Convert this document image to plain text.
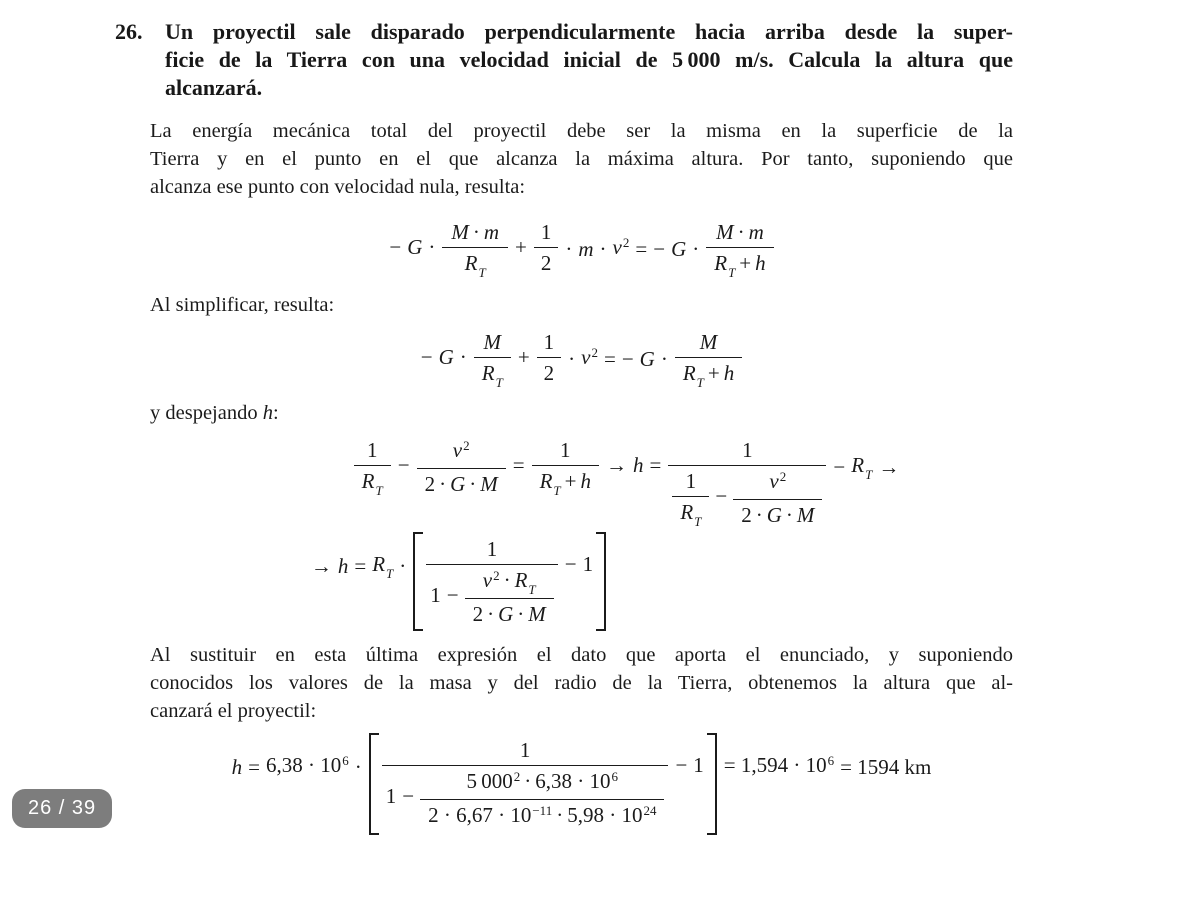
26. Un proyectil sale disparado perpendicularmente hacia arriba desde la super-
ficie de la Tierra con una velocidad inicial de 5 000 m/s. Calcula la altura que
alcanzará.

La energía mecánica total del proyectil debe ser la misma en la superficie de la
Tierra y en el punto en el que alcanza la máxima altura. Por tanto, suponiendo que
alcanza ese punto con velocidad nula, resulta:

− $G \cdot \frac{M \cdot m}{\text{R T}} + \frac{1}{2} \cdot m \cdot v$ 2 = − $G \cdot \frac{M \cdot m}{\text{R T + h}}$

Al simplificar, resulta:

− $G \cdot \frac{M}{\text{R T}} + \frac{1}{2} \cdot v$ 2 = − $G \cdot \frac{M}{\text{R T + h}}$

y despejando h:

$\frac{1}{\text{R T}} - \frac{v 2}{2 \cdot G \cdot M} = \frac{1}{\text{R T + h}} \to h$ =
1
$\frac{1}{\text{R T}} - \frac{v 2}{2 \cdot G \cdot M}$
− R T →
→ h = R T ·
1
$1 - \frac{\text{v 2 · R T}}{2 \cdot G \cdot M}$
− 1

Al sustituir en esta última expresión el dato que aporta el enunciado, y suponiendo
conocidos los valores de la masa y del radio de la Tierra, obtenemos la altura que al-
canzará el proyectil:

h = 6,38 · 10 6 ·
1
$1 - \frac{5 000 2 \cdot 6,38 \cdot 10 6}{2 \cdot 6,67 \cdot 10 -11 \cdot 5,98 \cdot 10 24}$
− 1 = 1,594 · 10 6 = 1594 km
26 / 39
